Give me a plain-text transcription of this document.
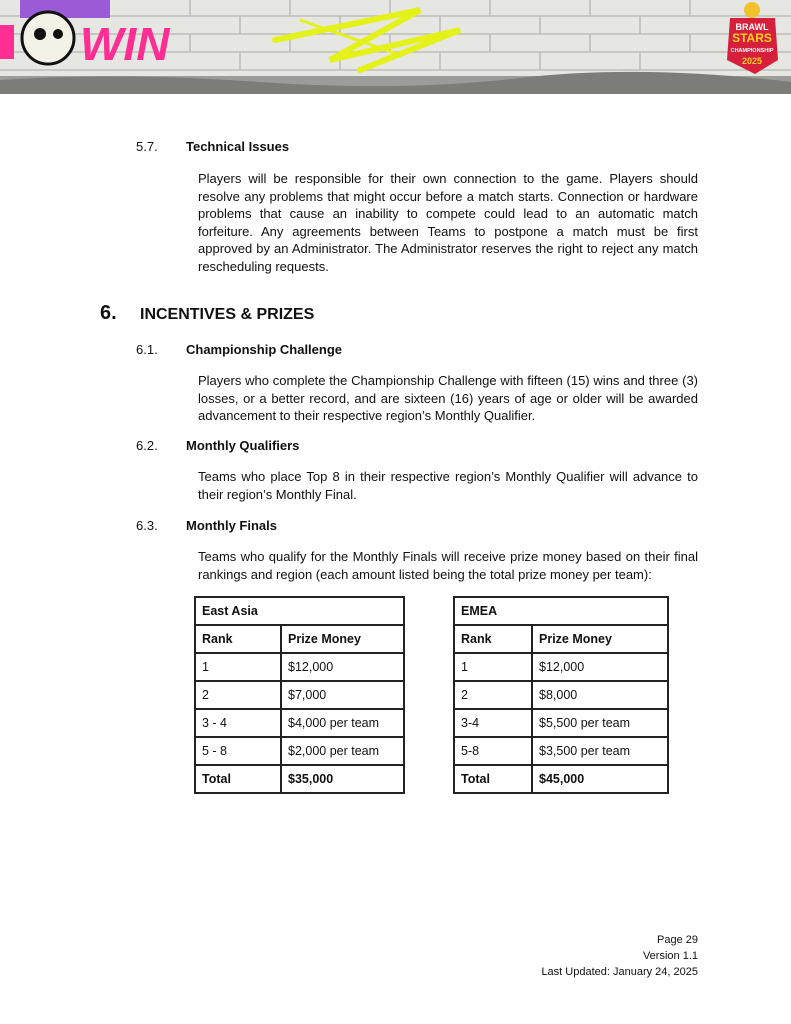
WIN	BRAWL
STARS
CHAMPIONSHIP
2025
5.7. Technical Issues
Players will be responsible for their own connection to the game. Players should resolve any problems that might occur before a match starts. Connection or hardware problems that cause an inability to compete could lead to an automatic match forfeiture. Any agreements between Teams to postpone a match must be first approved by an Administrator. The Administrator reserves the right to reject any match rescheduling requests.
6. INCENTIVES & PRIZES
6.1. Championship Challenge
Players who complete the Championship Challenge with fifteen (15) wins and three (3) losses, or a better record, and are sixteen (16) years of age or older will be awarded advancement to their respective region’s Monthly Qualifier.
6.2. Monthly Qualifiers
Teams who place Top 8 in their respective region’s Monthly Qualifier will advance to their region’s Monthly Final.
6.3. Monthly Finals
Teams who qualify for the Monthly Finals will receive prize money based on their final rankings and region (each amount listed being the total prize money per team):
East Asia	
Rank	Prize Money
1	$12,000
2	$7,000
3 - 4	$4,000 per team
5 - 8	$2,000 per team
Total	$35,000
EMEA	
Rank	Prize Money
1	$12,000
2	$8,000
3-4	$5,500 per team
5-8	$3,500 per team
Total	$45,000
Page 29
Version 1.1
Last Updated: January 24, 2025
